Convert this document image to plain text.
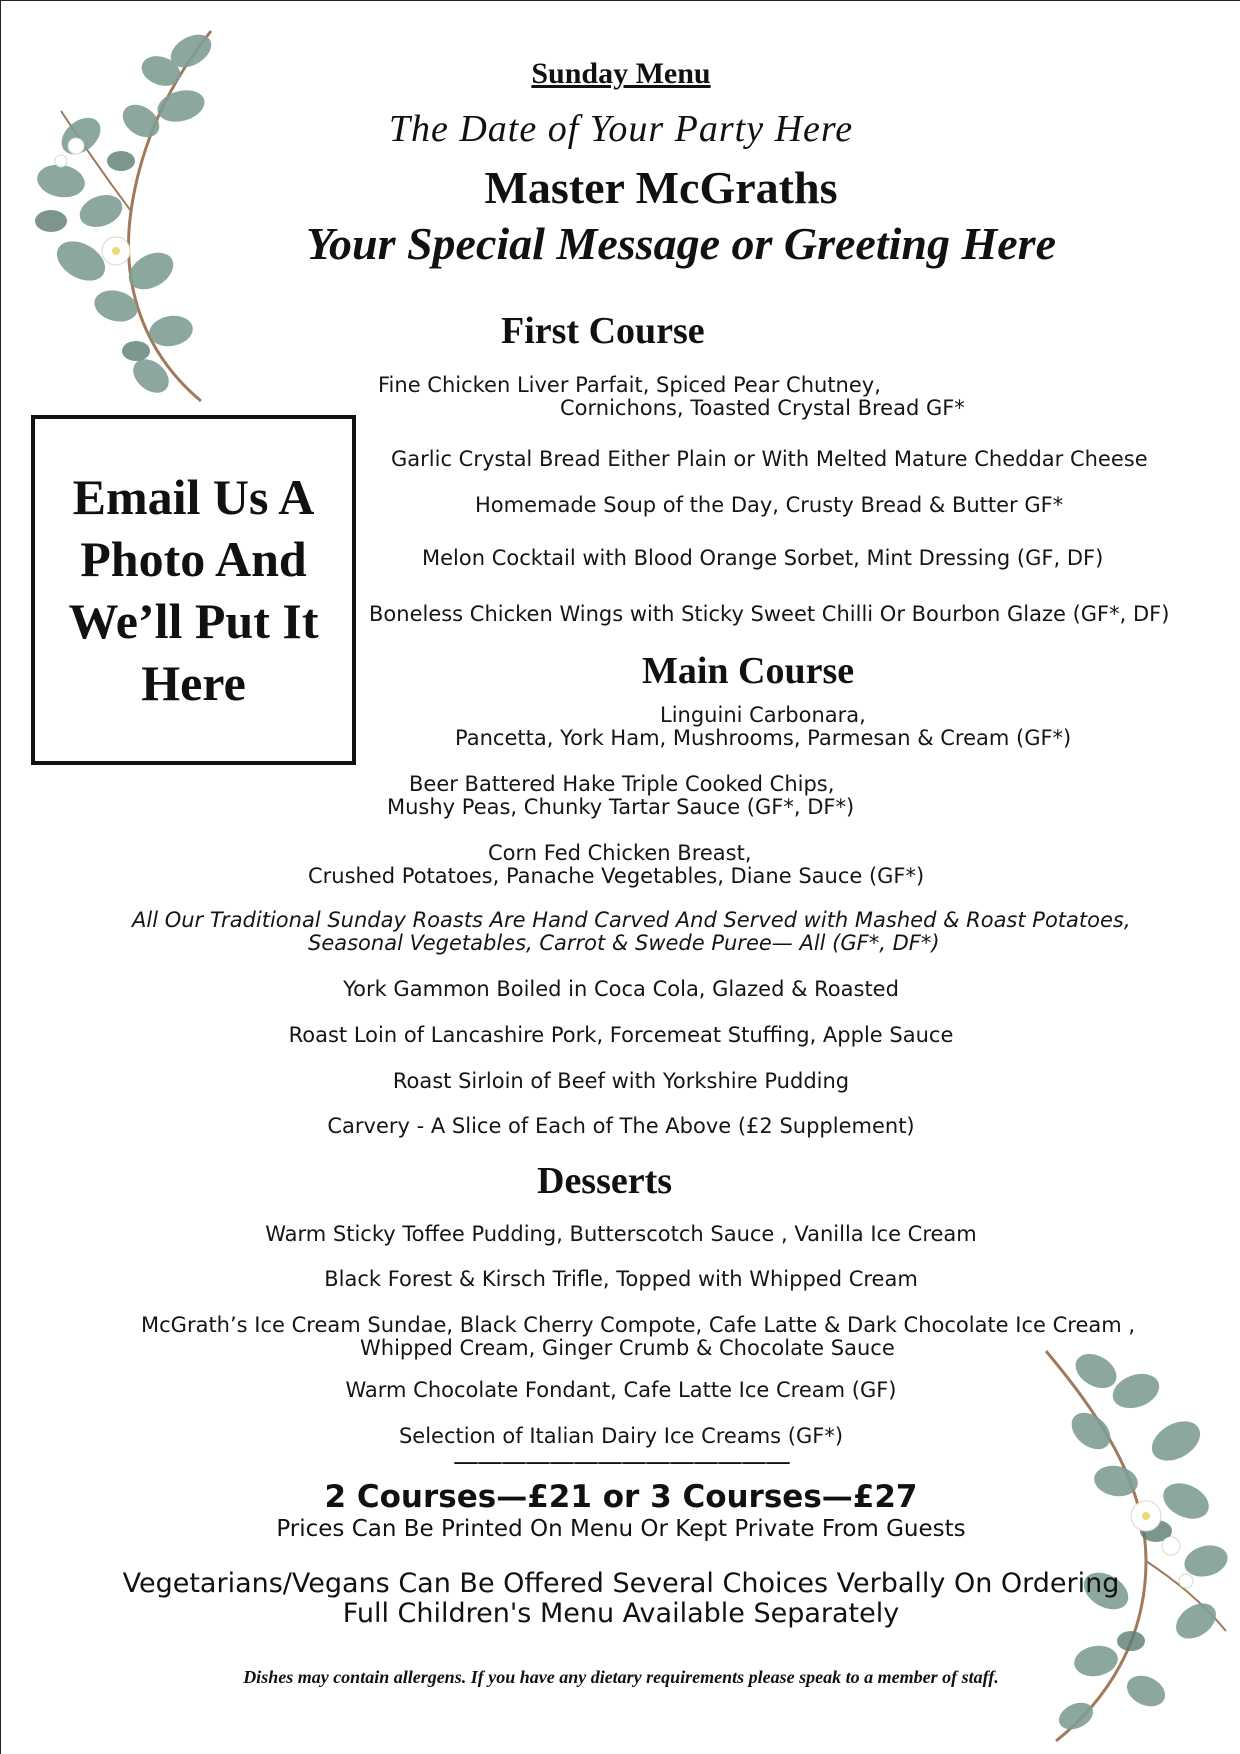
Sunday Menu
The Date of Your Party Here
Master McGraths
Your Special Message or Greeting Here
Email Us A
Photo And
We’ll Put It
Here
First Course
Fine Chicken Liver Parfait, Spiced Pear Chutney,
Cornichons, Toasted Crystal Bread GF*
Garlic Crystal Bread Either Plain or With Melted Mature Cheddar Cheese
Homemade Soup of the Day, Crusty Bread & Butter GF*
Melon Cocktail with Blood Orange Sorbet, Mint Dressing (GF, DF)
Boneless Chicken Wings with Sticky Sweet Chilli Or Bourbon Glaze (GF*, DF)
Main Course
Linguini Carbonara,
Pancetta, York Ham, Mushrooms, Parmesan & Cream (GF*)
Beer Battered Hake Triple Cooked Chips,
Mushy Peas, Chunky Tartar Sauce (GF*, DF*)
Corn Fed Chicken Breast,
Crushed Potatoes, Panache Vegetables, Diane Sauce (GF*)
All Our Traditional Sunday Roasts Are Hand Carved And Served with Mashed & Roast Potatoes,
Seasonal Vegetables, Carrot & Swede Puree— All (GF*, DF*)
York Gammon Boiled in Coca Cola, Glazed & Roasted
Roast Loin of Lancashire Pork, Forcemeat Stuffing, Apple Sauce
Roast Sirloin of Beef with Yorkshire Pudding
Carvery - A Slice of Each of The Above (£2 Supplement)
Desserts
Warm Sticky Toffee Pudding, Butterscotch Sauce , Vanilla Ice Cream
Black Forest & Kirsch Trifle, Topped with Whipped Cream
McGrath’s Ice Cream Sundae, Black Cherry Compote, Cafe Latte & Dark Chocolate Ice Cream ,
Whipped Cream, Ginger Crumb & Chocolate Sauce
Warm Chocolate Fondant, Cafe Latte Ice Cream (GF)
Selection of Italian Dairy Ice Creams (GF*)
——————————————
2 Courses—£21 or 3 Courses—£27
Prices Can Be Printed On Menu Or Kept Private From Guests
Vegetarians/Vegans Can Be Offered Several Choices Verbally On Ordering
Full Children's Menu Available Separately
Dishes may contain allergens. If you have any dietary requirements please speak to a member of staff.
